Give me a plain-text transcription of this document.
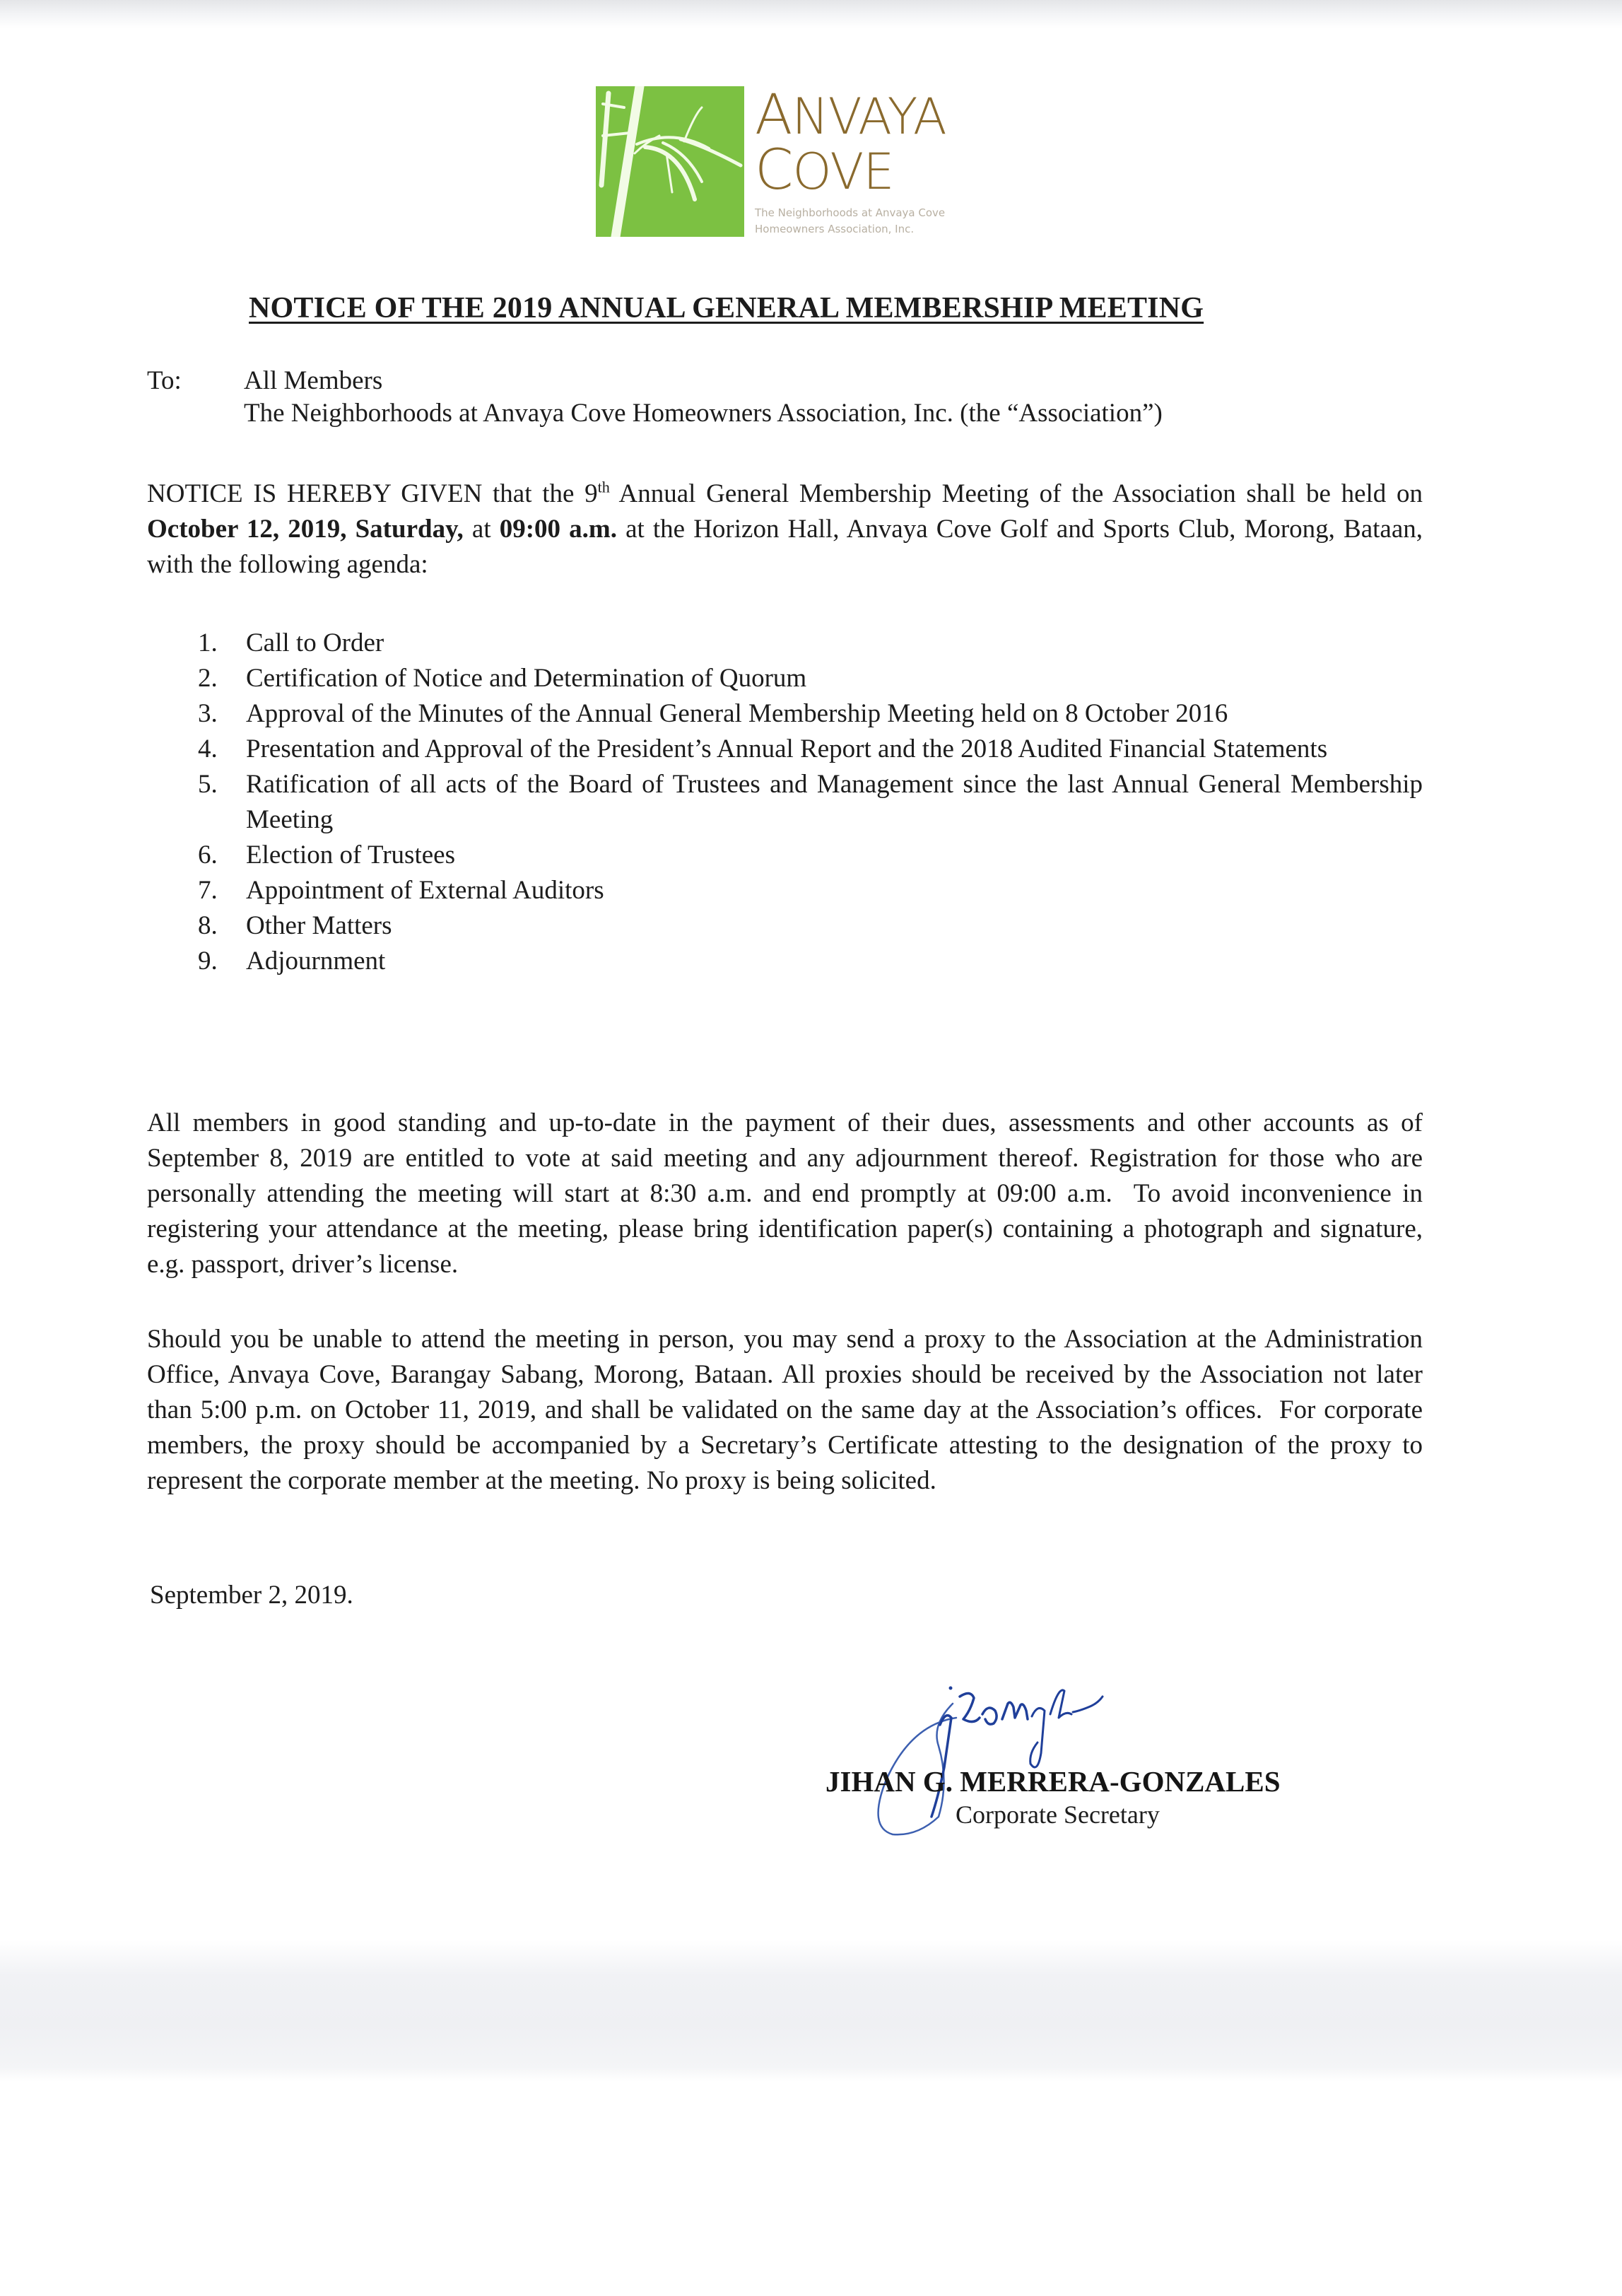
ANVAYA
COVE
The Neighborhoods at Anvaya Cove
Homeowners Association, Inc.
NOTICE OF THE 2019 ANNUAL GENERAL MEMBERSHIP MEETING
To: All Members
The Neighborhoods at Anvaya Cove Homeowners Association, Inc. (the “Association”)
NOTICE IS HEREBY GIVEN that the 9th Annual General Membership Meeting of the Association shall be held on October 12, 2019, Saturday, at 09:00 a.m. at the Horizon Hall, Anvaya Cove Golf and Sports Club, Morong, Bataan, with the following agenda:
1. Call to Order
2. Certification of Notice and Determination of Quorum
3. Approval of the Minutes of the Annual General Membership Meeting held on 8 October 2016
4. Presentation and Approval of the President’s Annual Report and the 2018 Audited Financial Statements
5. Ratification of all acts of the Board of Trustees and Management since the last Annual General Membership Meeting
6. Election of Trustees
7. Appointment of External Auditors
8. Other Matters
9. Adjournment
All members in good standing and up-to-date in the payment of their dues, assessments and other accounts as of September 8, 2019 are entitled to vote at said meeting and any adjournment thereof. Registration for those who are personally attending the meeting will start at 8:30 a.m. and end promptly at 09:00 a.m.  To avoid inconvenience in registering your attendance at the meeting, please bring identification paper(s) containing a photograph and signature, e.g. passport, driver’s license.
Should you be unable to attend the meeting in person, you may send a proxy to the Association at the Administration Office, Anvaya Cove, Barangay Sabang, Morong, Bataan. All proxies should be received by the Association not later than 5:00 p.m. on October 11, 2019, and shall be validated on the same day at the Association’s offices.  For corporate members, the proxy should be accompanied by a Secretary’s Certificate attesting to the designation of the proxy to represent the corporate member at the meeting. No proxy is being solicited.
September 2, 2019.
JIHAN G. MERRERA-GONZALES
Corporate Secretary
